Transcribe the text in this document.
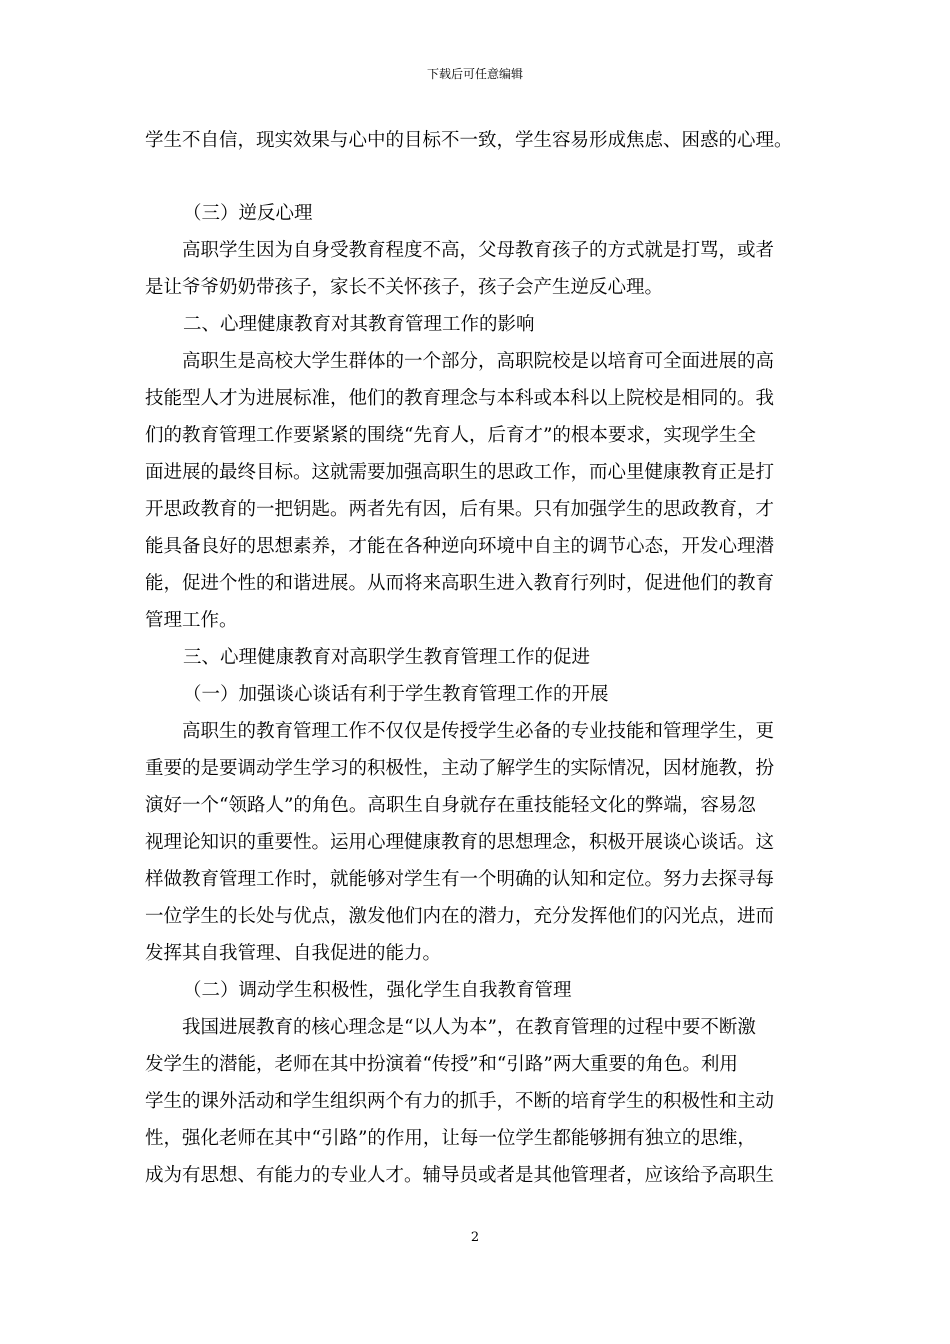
下载后可任意编辑
学生不自信，现实效果与心中的目标不一致，学生容易形成焦虑、困惑的心理。
（三）逆反心理
高职学生因为自身受教育程度不高，父母教育孩子的方式就是打骂，或者
是让爷爷奶奶带孩子，家长不关怀孩子，孩子会产生逆反心理。
二、心理健康教育对其教育管理工作的影响
高职生是高校大学生群体的一个部分，高职院校是以培育可全面进展的高
技能型人才为进展标准，他们的教育理念与本科或本科以上院校是相同的。我
们的教育管理工作要紧紧的围绕“先育人，后育才”的根本要求，实现学生全
面进展的最终目标。这就需要加强高职生的思政工作，而心里健康教育正是打
开思政教育的一把钥匙。两者先有因，后有果。只有加强学生的思政教育，才
能具备良好的思想素养，才能在各种逆向环境中自主的调节心态，开发心理潜
能，促进个性的和谐进展。从而将来高职生进入教育行列时，促进他们的教育
管理工作。
三、心理健康教育对高职学生教育管理工作的促进
（一）加强谈心谈话有利于学生教育管理工作的开展
高职生的教育管理工作不仅仅是传授学生必备的专业技能和管理学生，更
重要的是要调动学生学习的积极性，主动了解学生的实际情况，因材施教，扮
演好一个“领路人”的角色。高职生自身就存在重技能轻文化的弊端，容易忽
视理论知识的重要性。运用心理健康教育的思想理念，积极开展谈心谈话。这
样做教育管理工作时，就能够对学生有一个明确的认知和定位。努力去探寻每
一位学生的长处与优点，激发他们内在的潜力，充分发挥他们的闪光点，进而
发挥其自我管理、自我促进的能力。
（二）调动学生积极性，强化学生自我教育管理
我国进展教育的核心理念是“以人为本”，在教育管理的过程中要不断激
发学生的潜能，老师在其中扮演着“传授”和“引路”两大重要的角色。利用
学生的课外活动和学生组织两个有力的抓手，不断的培育学生的积极性和主动
性，强化老师在其中“引路”的作用，让每一位学生都能够拥有独立的思维，
成为有思想、有能力的专业人才。辅导员或者是其他管理者，应该给予高职生
2
